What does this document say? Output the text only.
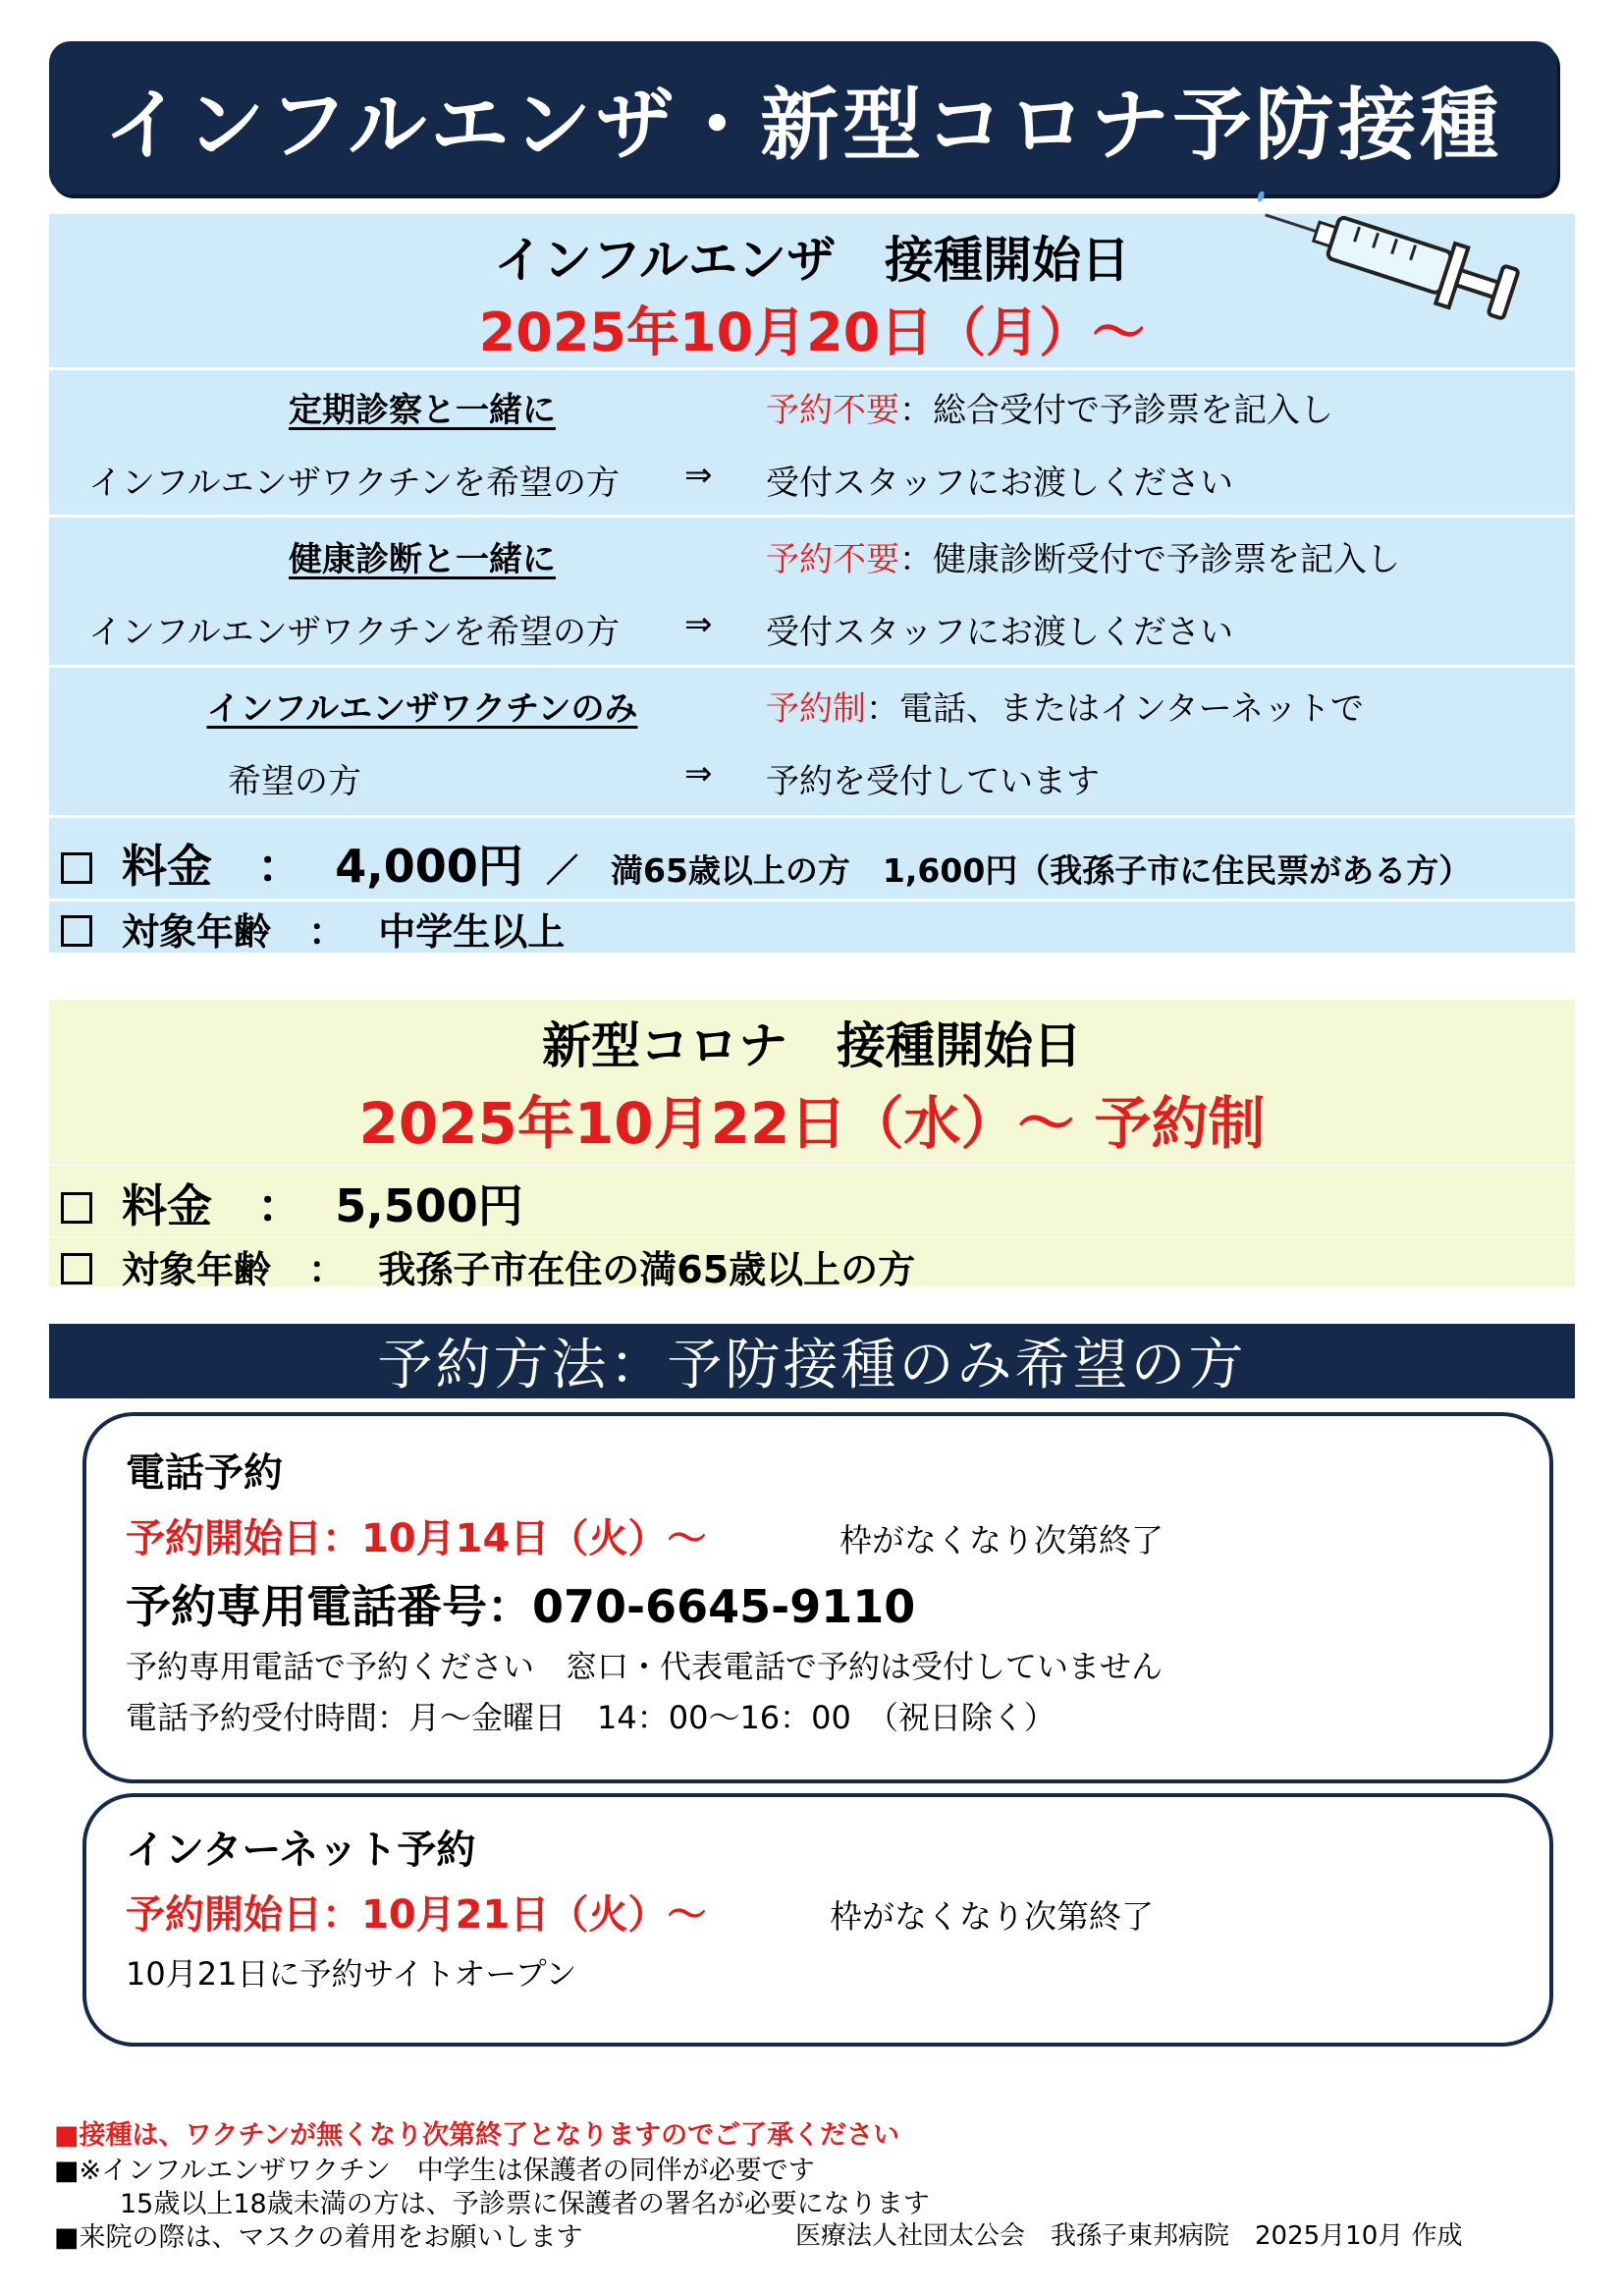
インフルエンザ・新型コロナ予防接種
インフルエンザ　接種開始日
2025年10月20日（月）～
定期診察と一緒に
インフルエンザワクチンを希望の方 ⇒
予約不要：総合受付で予診票を記入し
受付スタッフにお渡しください
健康診断と一緒に
インフルエンザワクチンを希望の方 ⇒
予約不要：健康診断受付で予診票を記入し
受付スタッフにお渡しください
インフルエンザワクチンのみ
希望の方	⇒
予約制：電話、またはインターネットで
予約を受付しています
料金　： 4,000円 ／　満65歳以上の方　1,600円（我孫子市に住民票がある方）
対象年齢　： 中学生以上
新型コロナ　接種開始日
2025年10月22日（水）～ 予約制
料金　： 5,500円
対象年齢　： 我孫子市在住の満65歳以上の方
予約方法：予防接種のみ希望の方
電話予約
予約開始日：10月14日（火）～	枠がなくなり次第終了
予約専用電話番号：070-6645-9110
予約専用電話で予約ください　窓口・代表電話で予約は受付していません
電話予約受付時間：月～金曜日　14：00～16：00　（祝日除く）
インターネット予約
予約開始日：10月21日（火）～	枠がなくなり次第終了
10月21日に予約サイトオープン
■接種は、ワクチンが無くなり次第終了となりますのでご了承ください
■※インフルエンザワクチン　中学生は保護者の同伴が必要です
15歳以上18歳未満の方は、予診票に保護者の署名が必要になります
■来院の際は、マスクの着用をお願いします	医療法人社団太公会　我孫子東邦病院　2025月10月 作成
